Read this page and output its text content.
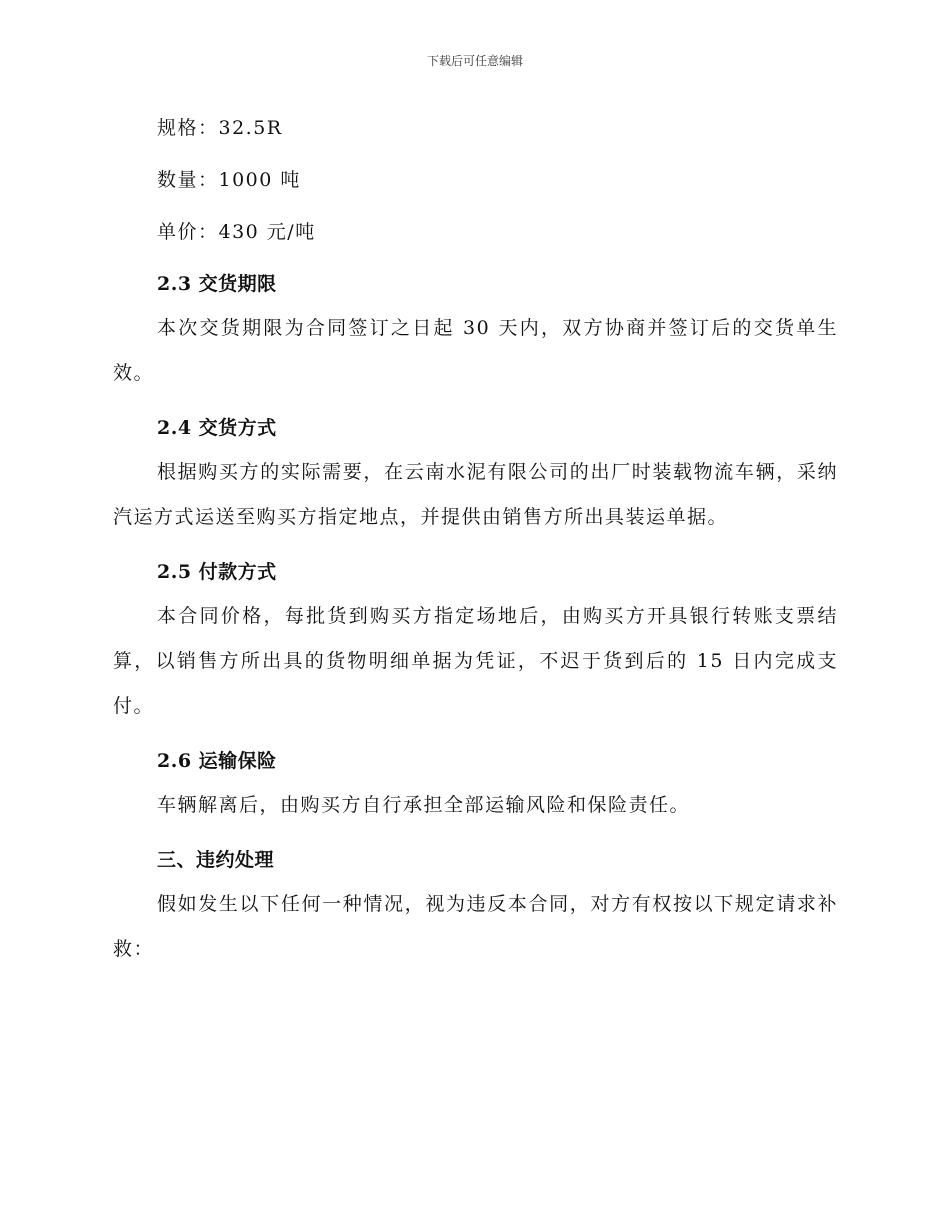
下载后可任意编辑

规格：32.5R

数量：1000 吨

单价：430 元/吨

2.3 交货期限

本次交货期限为合同签订之日起 30 天内，双方协商并签订后的交货单生效。

2.4 交货方式

根据购买方的实际需要，在云南水泥有限公司的出厂时装载物流车辆，采纳汽运方式运送至购买方指定地点，并提供由销售方所出具装运单据。

2.5 付款方式

本合同价格，每批货到购买方指定场地后，由购买方开具银行转账支票结算，以销售方所出具的货物明细单据为凭证，不迟于货到后的 15 日内完成支付。

2.6 运输保险

车辆解离后，由购买方自行承担全部运输风险和保险责任。

三、违约处理

假如发生以下任何一种情况，视为违反本合同，对方有权按以下规定请求补救：
